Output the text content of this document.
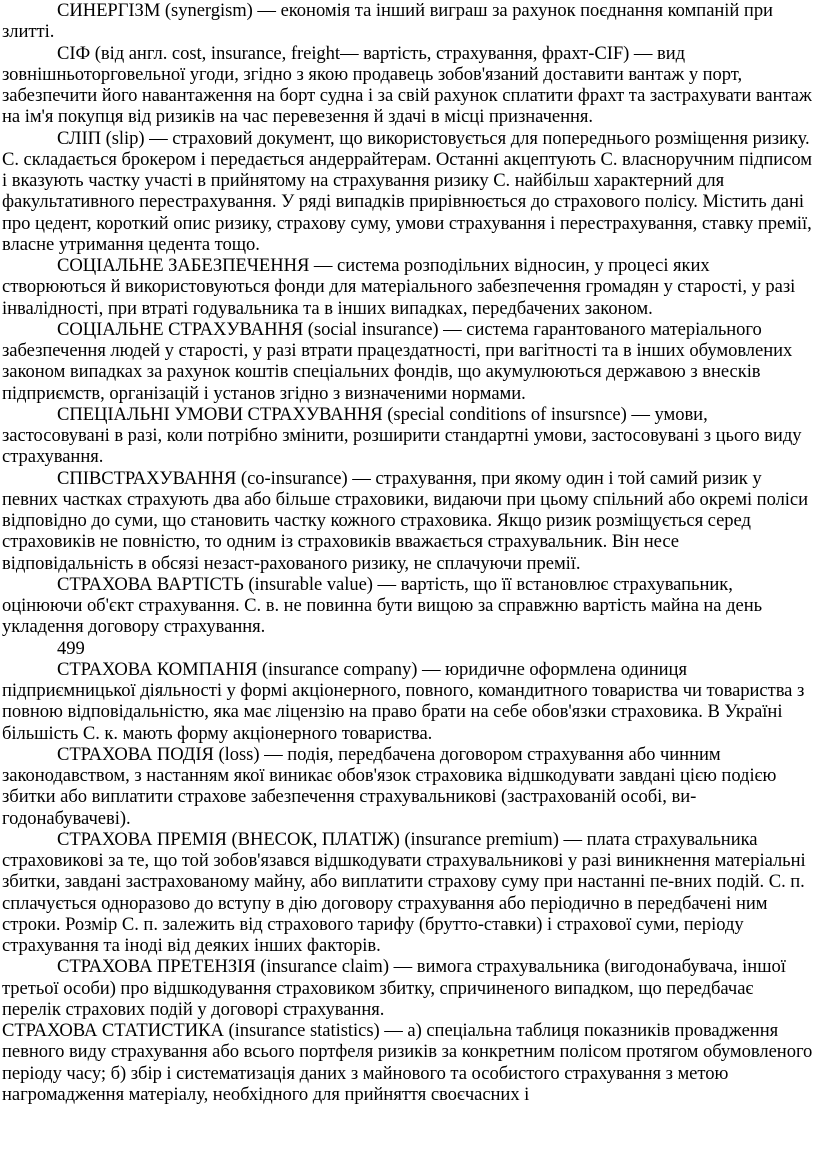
СИНЕРГІЗМ (synergism) — економія та інший виграш за рахунок поєднання компаній при злитті.

СІФ (від англ. cost, insurance, freight— вартість, страхування, фрахт-CIF) — вид зовнішньоторговельної угоди, згідно з якою продавець зобов'язаний доставити вантаж у порт, забезпечити його навантаження на борт судна і за свій рахунок сплатити фрахт та застрахувати вантаж на ім'я покупця від ризиків на час перевезення й здачі в місці призначення.

СЛІП (slip) — страховий документ, що використовується для попереднього розміщення ризику. С. складається брокером і передається андеррайтерам. Останні акцептують С. власноручним підписом і вказують частку участі в прийнятому на страхування ризику С. найбільш характерний для факультативного перестрахування. У ряді випадків прирівнюється до страхового полісу. Містить дані про цедент, короткий опис ризику, страхову суму, умови страхування і перестрахування, ставку премії, власне утримання цедента тощо.

СОЦІАЛЬНЕ ЗАБЕЗПЕЧЕННЯ — система розподільних відносин, у процесі яких створюються й використовуються фонди для матеріального забезпечення громадян у старості, у разі інвалідності, при втраті годувальника та в інших випадках, передбачених законом.

СОЦІАЛЬНЕ СТРАХУВАННЯ (social insurance) — система гарантованого матеріального забезпечення людей у старості, у разі втрати працездатності, при вагітності та в інших обумовлених законом випадках за рахунок коштів спеціальних фондів, що акумулюються державою з внесків підприємств, організацій і установ згідно з визначеними нормами.

СПЕЦІАЛЬНІ УМОВИ СТРАХУВАННЯ (special conditions of insursnce) — умови, застосовувані в разі, коли потрібно змінити, розширити стандартні умови, застосовувані з цього виду страхування.

СПІВСТРАХУВАННЯ (co-insurance) — страхування, при якому один і той самий ризик у певних частках страхують два або більше страховики, видаючи при цьому спільний або окремі поліси відповідно до суми, що становить частку кожного страховика. Якщо ризик розміщується серед страховиків не повністю, то одним із страховиків вважається страхувальник. Він несе відповідальність в обсязі незаст-рахованого ризику, не сплачуючи премії.

СТРАХОВА ВАРТІСТЬ (insurable value) — вартість, що її встановлює страхувапьник, оцінюючи об'єкт страхування. С. в. не повинна бути вищою за справжню вартість майна на день укладення договору страхування.

499

СТРАХОВА КОМПАНІЯ (insurance company) — юридичне оформлена одиниця підприємницької діяльності у формі акціонерного, повного, командитного товариства чи товариства з повною відповідальністю, яка має ліцензію на право брати на себе обов'язки страховика. В Україні більшість С. к. мають форму акціонерного товариства.

СТРАХОВА ПОДІЯ (loss) — подія, передбачена договором страхування або чинним законодавством, з настанням якої виникає обов'язок страховика відшкодувати завдані цією подією збитки або виплатити страхове забезпечення страхувальникові (застрахованій особі, ви-годонабувачеві).

СТРАХОВА ПРЕМІЯ (ВНЕСОК, ПЛАТІЖ) (insurance premium) — плата страхувальника страховикові за те, що той зобов'язався відшкодувати страхувальникові у разі виникнення матеріальні збитки, завдані застрахованому майну, або виплатити страхову суму при настанні пе-вних подій. С. п. сплачується одноразово до вступу в дію договору страхування або періодично в передбачені ним строки. Розмір С. п. залежить від страхового тарифу (брутто-ставки) і страхової суми, періоду страхування та іноді від деяких інших факторів.

СТРАХОВА ПРЕТЕНЗІЯ (insurance claim) — вимога страхувальника (вигодонабувача, іншої третьої особи) про відшкодування страховиком збитку, спричиненого випадком, що передбачає перелік страхових подій у договорі страхування.

СТРАХОВА СТАТИСТИКА (insurance statistics) — а) спеціальна таблиця показників провадження певного виду страхування або всього портфеля ризиків за конкретним полісом протягом обумовленого періоду часу; б) збір і систематизація даних з майнового та особистого страхування з метою нагромадження матеріалу, необхідного для прийняття своєчасних і
